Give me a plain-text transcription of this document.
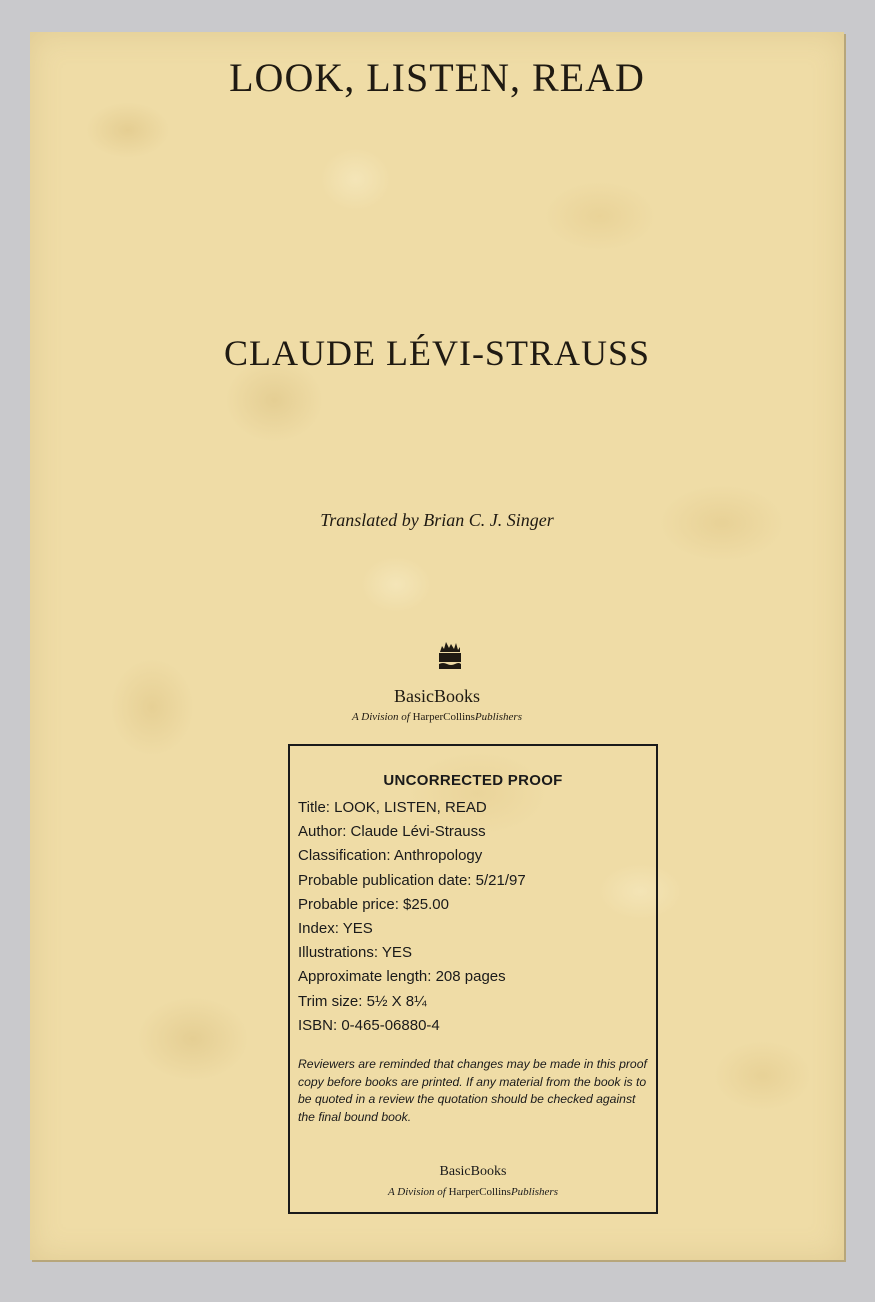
LOOK, LISTEN, READ
CLAUDE LÉVI-STRAUSS
Translated by Brian C. J. Singer
BasicBooks
A Division of HarperCollinsPublishers
UNCORRECTED PROOF
Title: LOOK, LISTEN, READ
Author: Claude Lévi-Strauss
Classification: Anthropology
Probable publication date: 5/21/97
Probable price: $25.00
Index: YES
Illustrations: YES
Approximate length: 208 pages
Trim size: 5½ X 8¼
ISBN: 0-465-06880-4
Reviewers are reminded that changes may be made in this proof copy before books are printed. If any material from the book is to be quoted in a review the quotation should be checked against the final bound book.
BasicBooks
A Division of HarperCollinsPublishers
